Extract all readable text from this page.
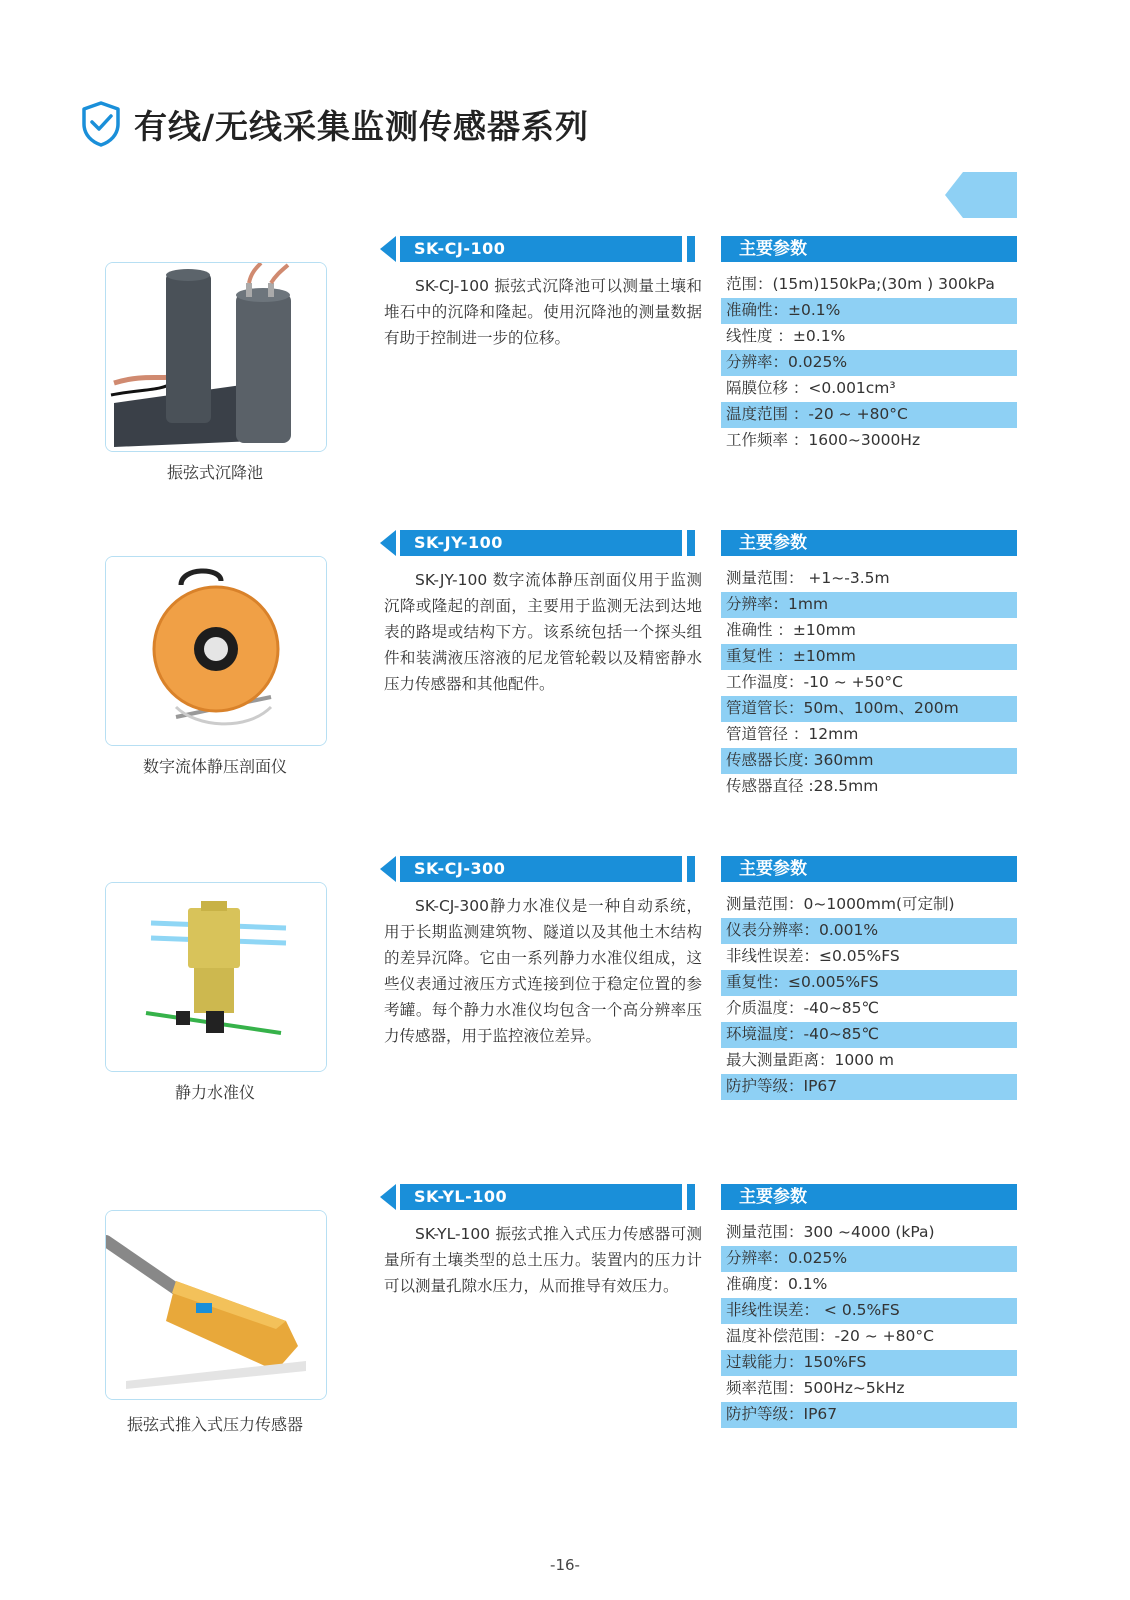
有线/无线采集监测传感器系列
SK-CJ-100	主要参数
振弦式沉降池

SK-CJ-100 振弦式沉降池可以测量土壤和堆石中的沉降和隆起。使用沉降池的测量数据有助于控制进一步的位移。

范围：(15m)150kPa;(30m ) 300kPa
准确性：±0.1%
线性度 ：±0.1%
分辨率：0.025%
隔膜位移 ：<0.001cm³
温度范围 ：-20 ~ +80°C
工作频率 ：1600~3000Hz
SK-JY-100	主要参数
数字流体静压剖面仪

SK-JY-100 数字流体静压剖面仪用于监测沉降或隆起的剖面，主要用于监测无法到达地表的路堤或结构下方。该系统包括一个探头组件和装满液压溶液的尼龙管轮毂以及精密静水压力传感器和其他配件。

测量范围： +1~-3.5m
分辨率：1mm
准确性 ：±10mm
重复性 ：±10mm
工作温度：-10 ~ +50°C
管道管长：50m、100m、200m
管道管径 ：12mm
传感器长度: 360mm
传感器直径 :28.5mm
SK-CJ-300	主要参数
静力水准仪

SK-CJ-300静力水准仪是一种自动系统，用于长期监测建筑物、隧道以及其他土木结构的差异沉降。它由一系列静力水准仪组成，这些仪表通过液压方式连接到位于稳定位置的参考罐。每个静力水准仪均包含一个高分辨率压力传感器，用于监控液位差异。

测量范围：0~1000mm(可定制)
仪表分辨率：0.001%
非线性误差：≤0.05%FS
重复性：≤0.005%FS
介质温度：-40~85℃
环境温度：-40~85℃
最大测量距离：1000 m
防护等级：IP67
SK-YL-100	主要参数
振弦式推入式压力传感器

SK-YL-100 振弦式推入式压力传感器可测量所有土壤类型的总土压力。装置内的压力计可以测量孔隙水压力，从而推导有效压力。

测量范围：300 ~4000 (kPa)
分辨率：0.025%
准确度：0.1%
非线性误差： < 0.5%FS
温度补偿范围：-20 ~ +80°C
过载能力：150%FS
频率范围：500Hz~5kHz
防护等级：IP67
-16-
